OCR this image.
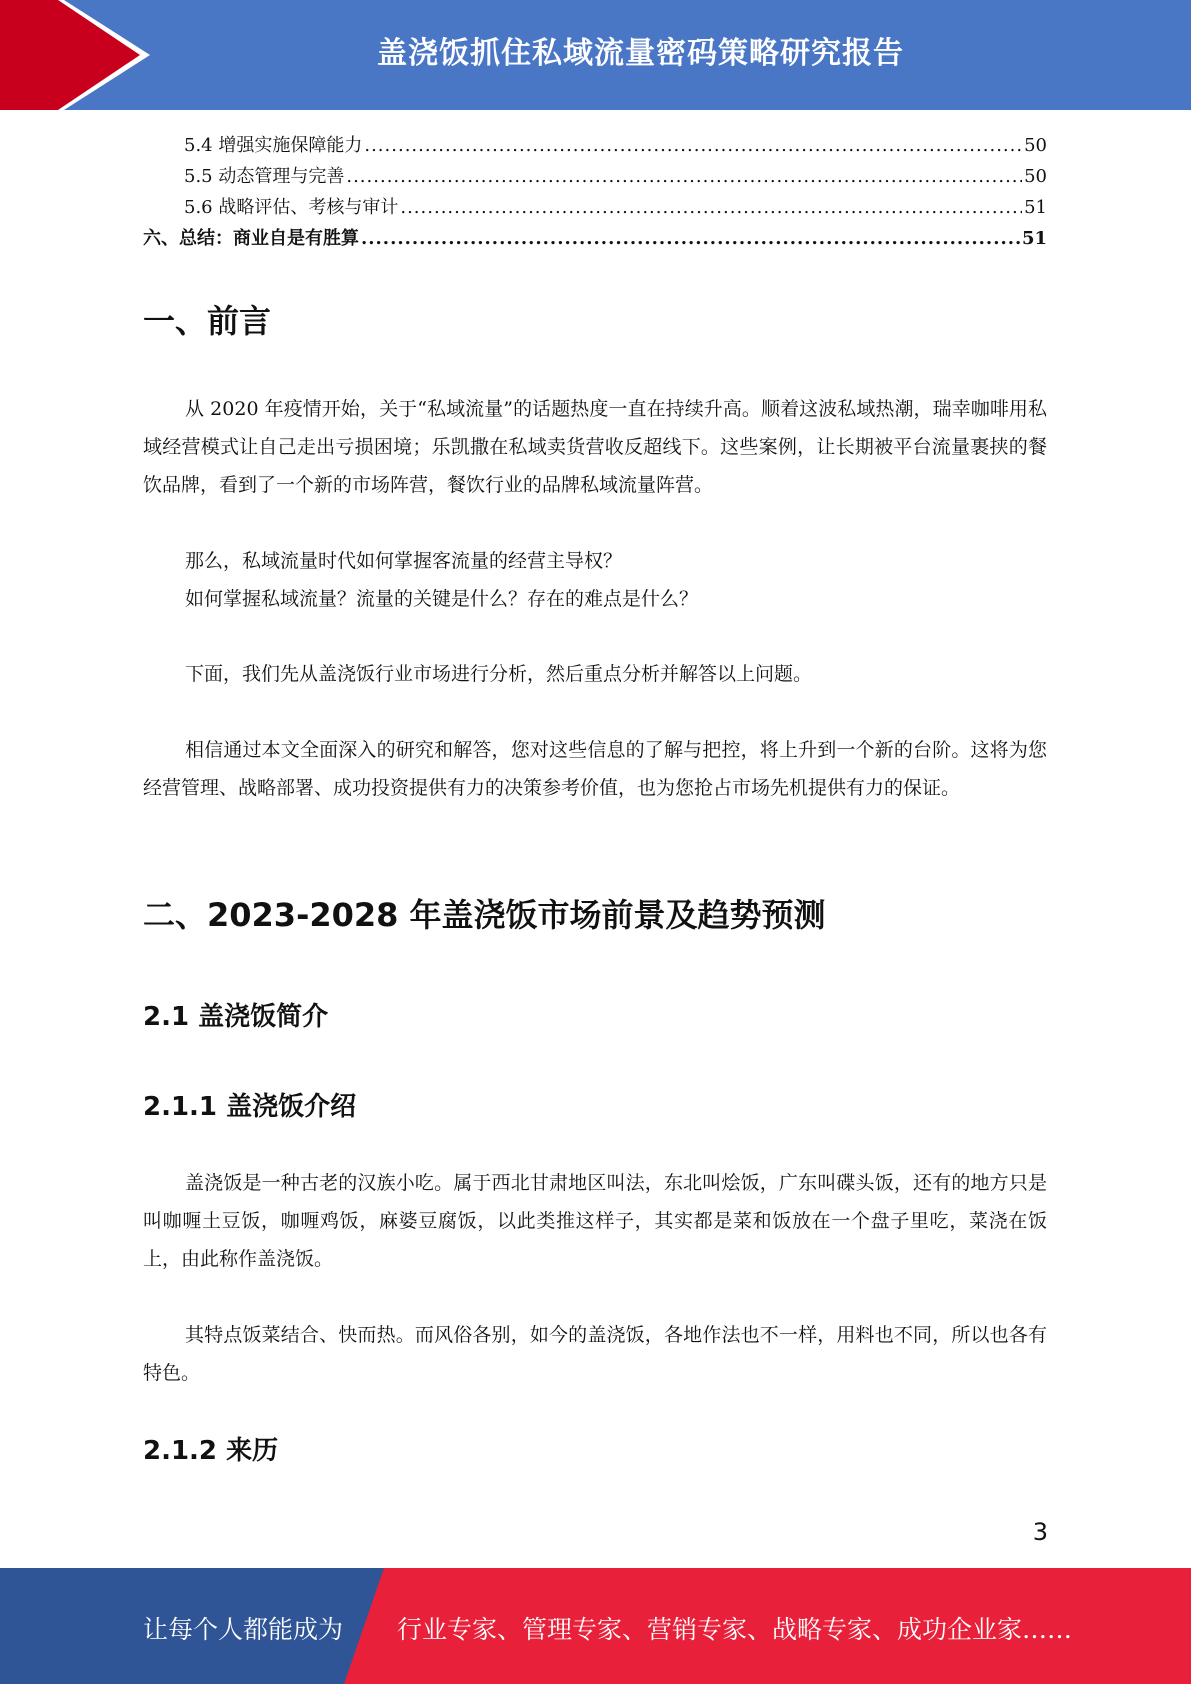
盖浇饭抓住私域流量密码策略研究报告
5.4 增强实施保障能力 .....	50
5.5 动态管理与完善 .....	50
5.6 战略评估、考核与审计 .....	51
六、总结：商业自是有胜算 .....	51
一、前言

从 2020 年疫情开始，关于“私域流量”的话题热度一直在持续升高。顺着这波私域热潮，瑞幸咖啡用私域经营模式让自己走出亏损困境；乐凯撒在私域卖货营收反超线下。这些案例，让长期被平台流量裹挟的餐饮品牌，看到了一个新的市场阵营，餐饮行业的品牌私域流量阵营。

那么，私域流量时代如何掌握客流量的经营主导权？

如何掌握私域流量？流量的关键是什么？存在的难点是什么？

下面，我们先从盖浇饭行业市场进行分析，然后重点分析并解答以上问题。

相信通过本文全面深入的研究和解答，您对这些信息的了解与把控，将上升到一个新的台阶。这将为您经营管理、战略部署、成功投资提供有力的决策参考价值，也为您抢占市场先机提供有力的保证。

二、2023-2028 年盖浇饭市场前景及趋势预测
2.1 盖浇饭简介
2.1.1 盖浇饭介绍

盖浇饭是一种古老的汉族小吃。属于西北甘肃地区叫法，东北叫烩饭，广东叫碟头饭，还有的地方只是叫咖喱土豆饭，咖喱鸡饭，麻婆豆腐饭，以此类推这样子，其实都是菜和饭放在一个盘子里吃，菜浇在饭上，由此称作盖浇饭。

其特点饭菜结合、快而热。而风俗各别，如今的盖浇饭，各地作法也不一样，用料也不同，所以也各有特色。

2.1.2 来历
3
让每个人都能成为 行业专家、管理专家、营销专家、战略专家、成功企业家……
